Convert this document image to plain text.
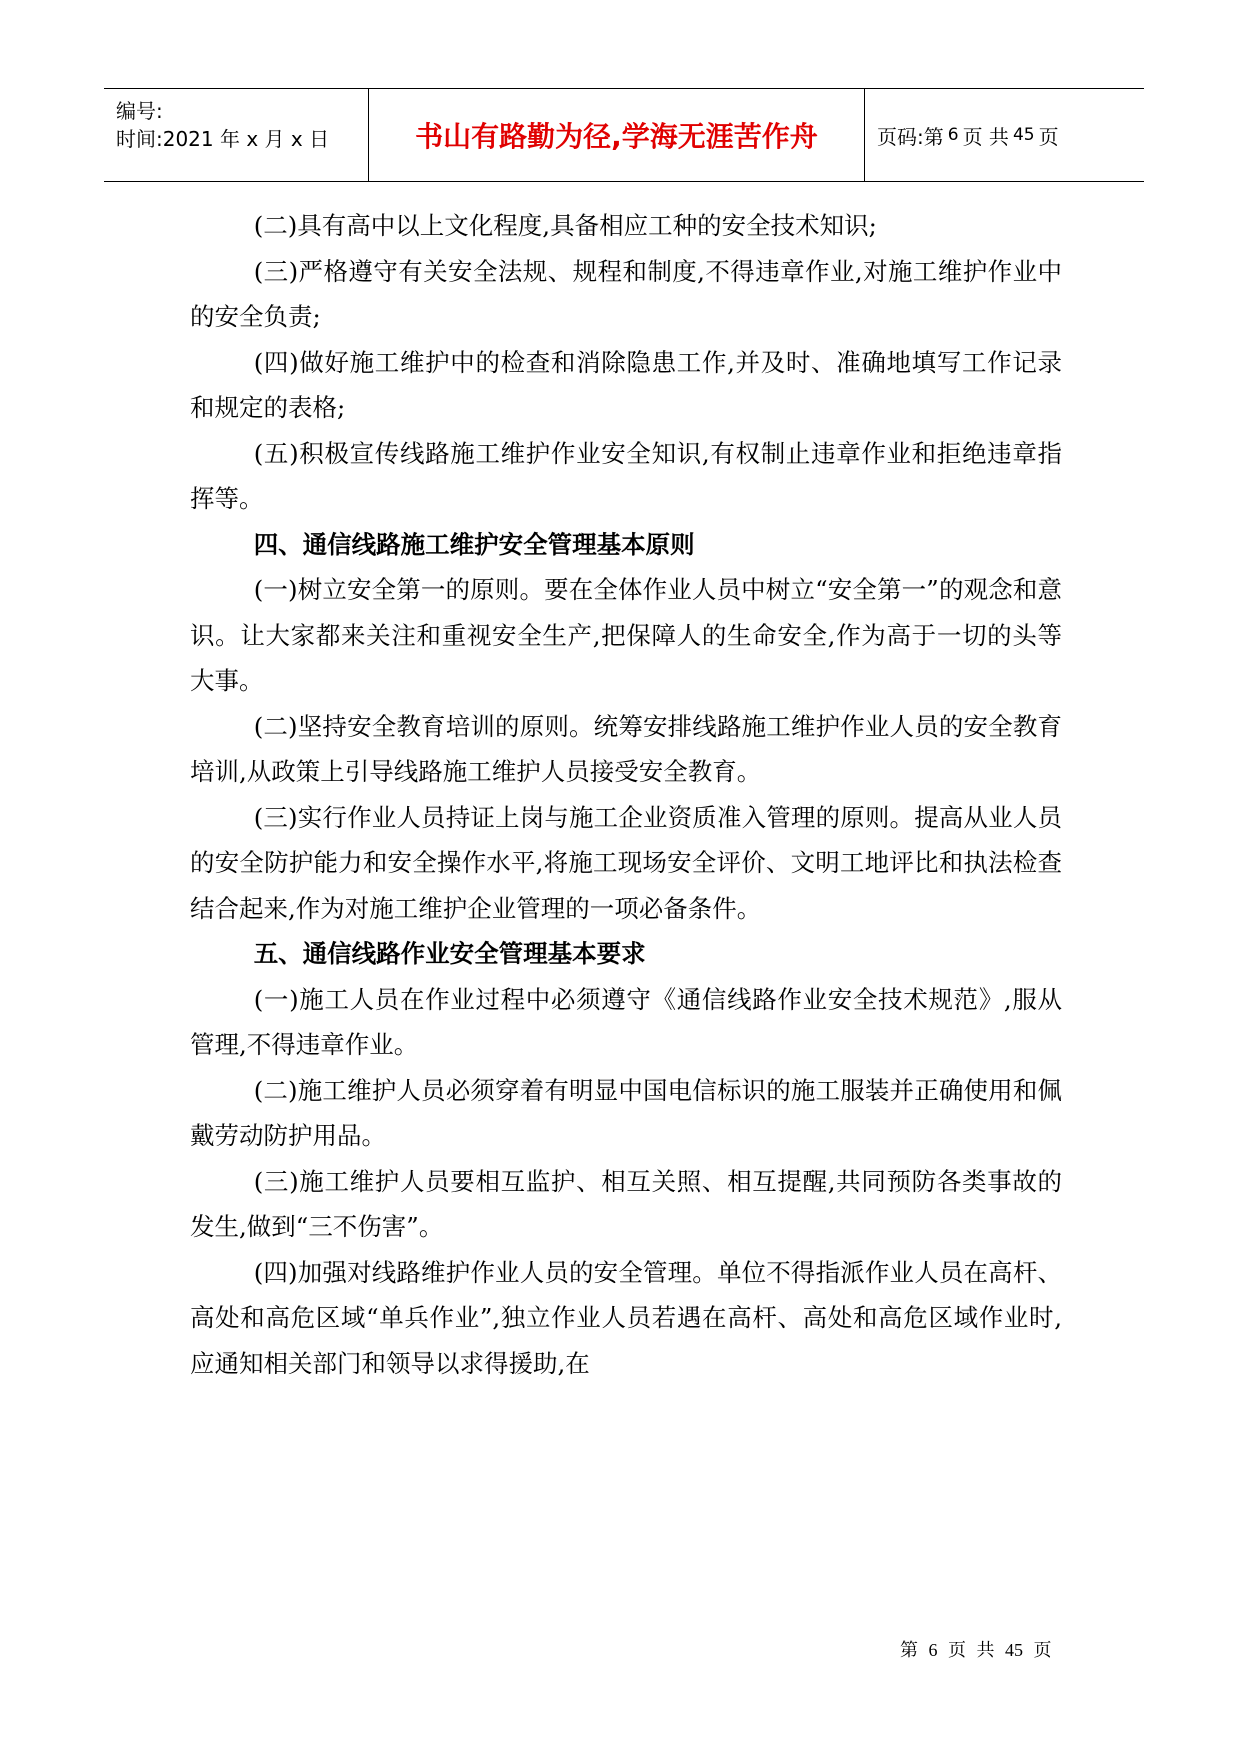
编号:
时间:2021 年 x 月 x 日	书山有路勤为径,学海无涯苦作舟	页码:第 6 页 共 45 页

(二)具有高中以上文化程度,具备相应工种的安全技术知识;

(三)严格遵守有关安全法规、规程和制度,不得违章作业,对施工维护作业中的安全负责;

(四)做好施工维护中的检查和消除隐患工作,并及时、准确地填写工作记录和规定的表格;

(五)积极宣传线路施工维护作业安全知识,有权制止违章作业和拒绝违章指挥等。

四、通信线路施工维护安全管理基本原则

(一)树立安全第一的原则。要在全体作业人员中树立“安全第一”的观念和意识。让大家都来关注和重视安全生产,把保障人的生命安全,作为高于一切的头等大事。

(二)坚持安全教育培训的原则。统筹安排线路施工维护作业人员的安全教育培训,从政策上引导线路施工维护人员接受安全教育。

(三)实行作业人员持证上岗与施工企业资质准入管理的原则。提高从业人员的安全防护能力和安全操作水平,将施工现场安全评价、文明工地评比和执法检查结合起来,作为对施工维护企业管理的一项必备条件。

五、通信线路作业安全管理基本要求

(一)施工人员在作业过程中必须遵守《通信线路作业安全技术规范》,服从管理,不得违章作业。

(二)施工维护人员必须穿着有明显中国电信标识的施工服装并正确使用和佩戴劳动防护用品。

(三)施工维护人员要相互监护、相互关照、相互提醒,共同预防各类事故的发生,做到“三不伤害”。

(四)加强对线路维护作业人员的安全管理。单位不得指派作业人员在高杆、高处和高危区域“单兵作业”,独立作业人员若遇在高杆、高处和高危区域作业时,应通知相关部门和领导以求得援助,在

第 6 页 共 45 页
